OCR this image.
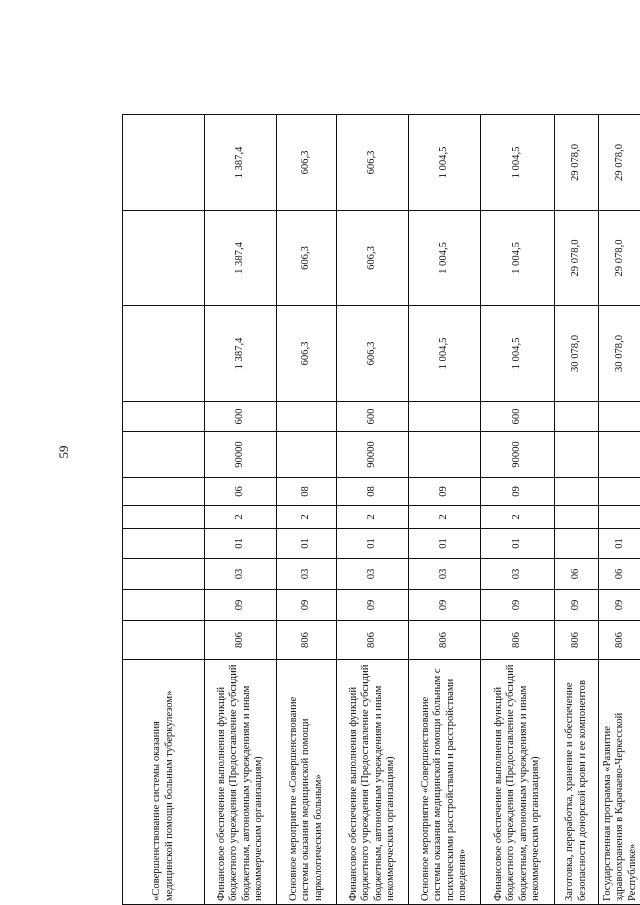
59
«Совершенствование системы оказания медицинской помощи больным туберкулезом»											
Финансовое обеспечение выполнения функций бюджетного учреждения (Предоставление субсидий бюджетным, автономным учреждениям и иным некоммерческим организациям)	806	09	03	01	2	06	90000	600	1 387,4	1 387,4	1 387,4
Основное мероприятие «Совершенствование системы оказания медицинской помощи наркологическим больным»	806	09	03	01	2	08			606,3	606,3	606,3
Финансовое обеспечение выполнения функций бюджетного учреждения (Предоставление субсидий бюджетным, автономным учреждениям и иным некоммерческим организациям)	806	09	03	01	2	08	90000	600	606,3	606,3	606,3
Основное мероприятие «Совершенствование системы оказания медицинской помощи больным с психическими расстройствами и расстройствами поведения»	806	09	03	01	2	09			1 004,5	1 004,5	1 004,5
Финансовое обеспечение выполнения функций бюджетного учреждения (Предоставление субсидий бюджетным, автономным учреждениям и иным некоммерческим организациям)	806	09	03	01	2	09	90000	600	1 004,5	1 004,5	1 004,5
Заготовка, переработка, хранение и обеспечение безопасности донорской крови и ее компонентов	806	09	06						30 078,0	29 078,0	29 078,0
Государственная программа «Развитие здравоохранения в Карачаево-Черкесской Республике»	806	09	06	01					30 078,0	29 078,0	29 078,0
